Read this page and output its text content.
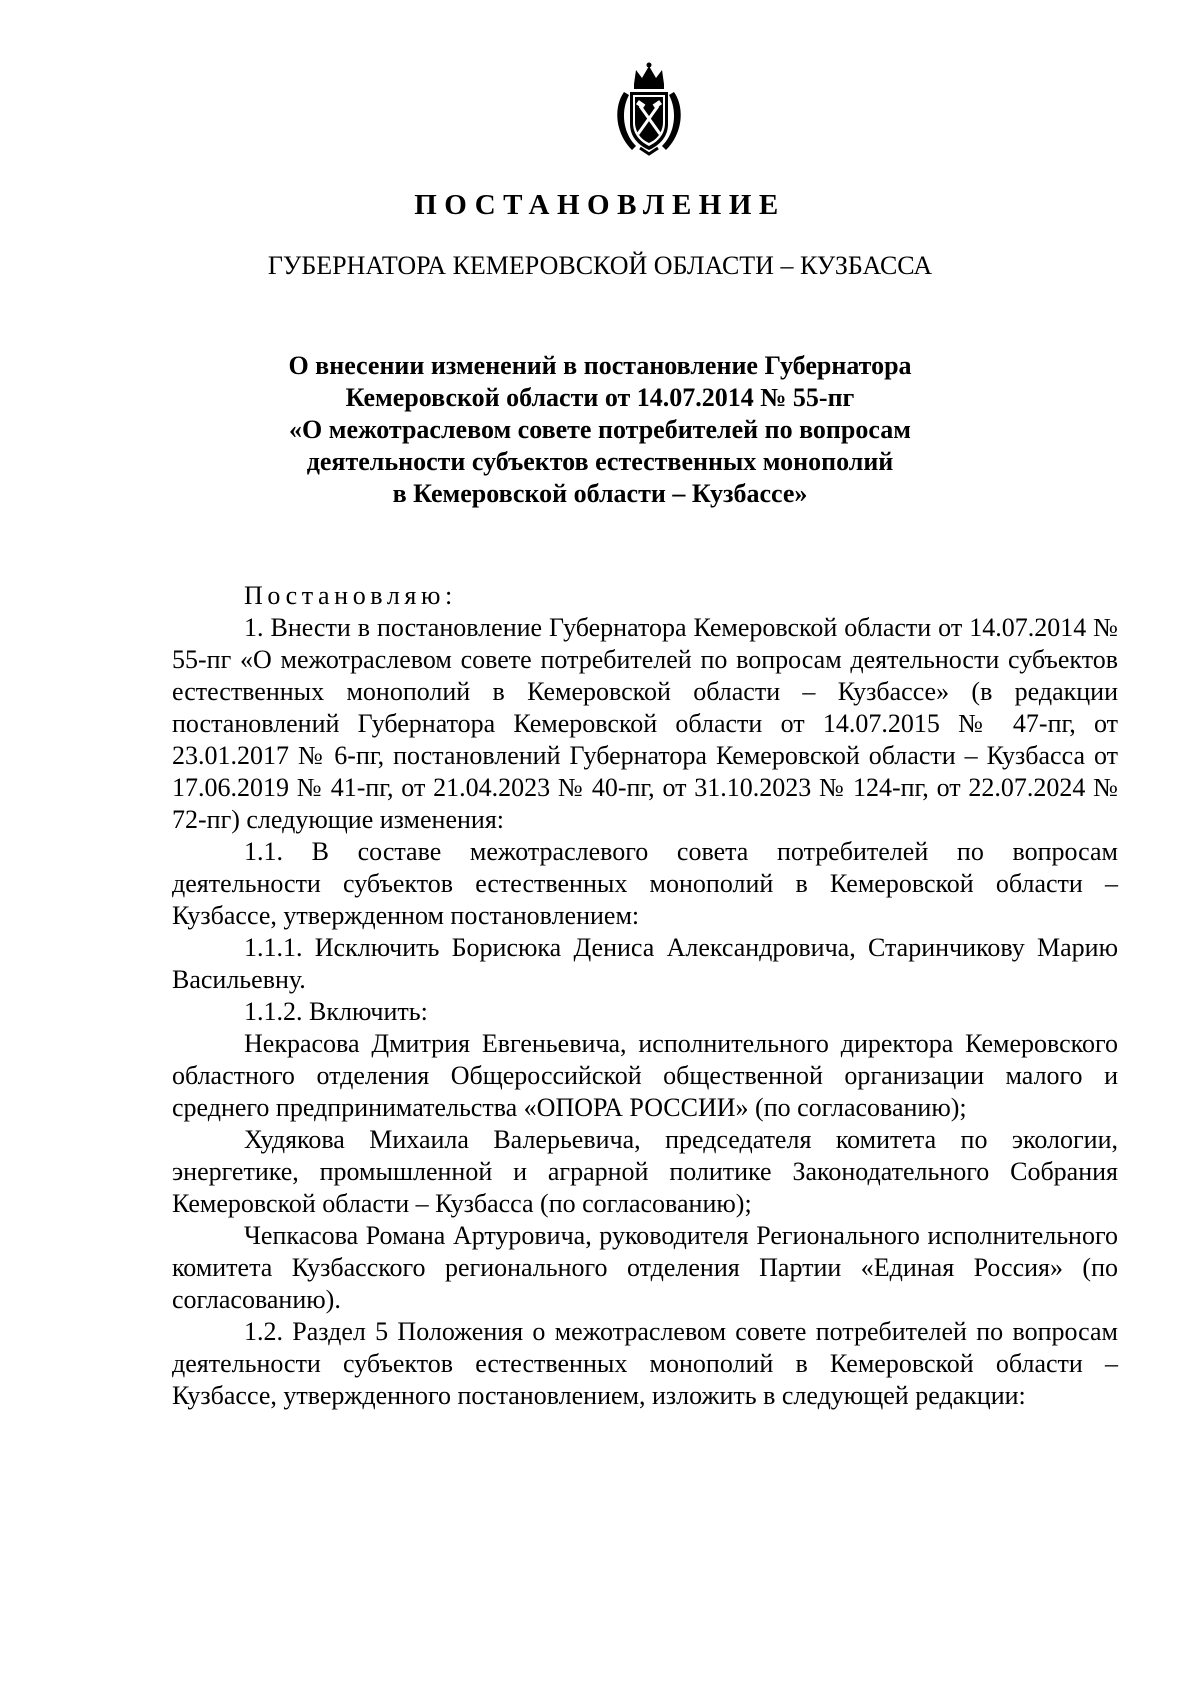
ПОСТАНОВЛЕНИЕ
ГУБЕРНАТОРА КЕМЕРОВСКОЙ ОБЛАСТИ – КУЗБАССА
О внесении изменений в постановление Губернатора
Кемеровской области от 14.07.2014 № 55-пг
«О межотраслевом совете потребителей по вопросам
деятельности субъектов естественных монополий
в Кемеровской области – Кузбассе»

Постановляю:

1. Внести в постановление Губернатора Кемеровской области от 14.07.2014 № 55-пг «О межотраслевом совете потребителей по вопросам деятельности субъектов естественных монополий в Кемеровской области – Кузбассе» (в редакции постановлений Губернатора Кемеровской области от 14.07.2015 № 47-пг, от 23.01.2017 № 6-пг, постановлений Губернатора Кемеровской области – Кузбасса от 17.06.2019 № 41-пг, от 21.04.2023 № 40-пг, от 31.10.2023 № 124-пг, от 22.07.2024 № 72-пг) следующие изменения:

1.1. В составе межотраслевого совета потребителей по вопросам деятельности субъектов естественных монополий в Кемеровской области – Кузбассе, утвержденном постановлением:

1.1.1. Исключить Борисюка Дениса Александровича, Старинчикову Марию Васильевну.

1.1.2. Включить:

Некрасова Дмитрия Евгеньевича, исполнительного директора Кемеровского областного отделения Общероссийской общественной организации малого и среднего предпринимательства «ОПОРА РОССИИ» (по согласованию);

Худякова Михаила Валерьевича, председателя комитета по экологии, энергетике, промышленной и аграрной политике Законодательного Собрания Кемеровской области – Кузбасса (по согласованию);

Чепкасова Романа Артуровича, руководителя Регионального исполнительного комитета Кузбасского регионального отделения Партии «Единая Россия» (по согласованию).

1.2. Раздел 5 Положения о межотраслевом совете потребителей по вопросам деятельности субъектов естественных монополий в Кемеровской области – Кузбассе, утвержденного постановлением, изложить в следующей редакции:
